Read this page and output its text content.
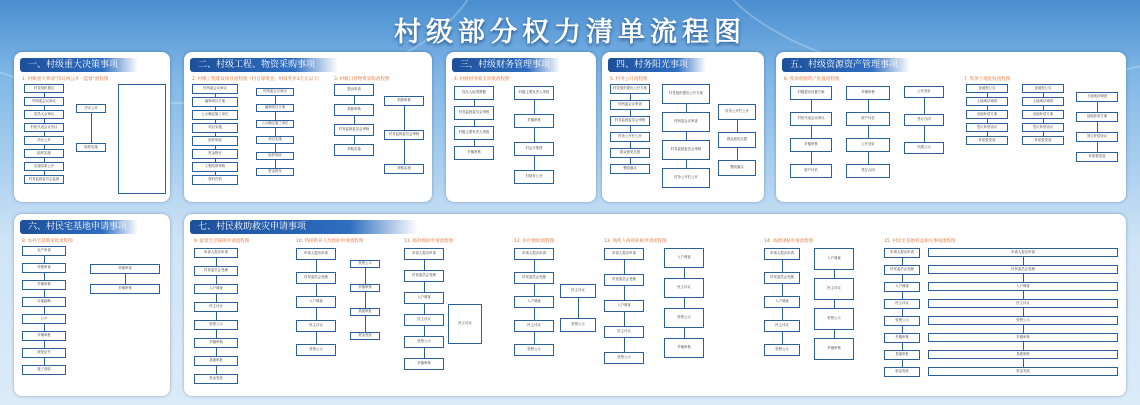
村级部分权力清单流程图
一、村级重大决策事项
1. 村级重大事项"四议两公开一监督"流程图
村党组织提议
村两委会议商议
党员大会审议
村民代表会议决议
决议公开
组织实施
实施结果公开
村务监督委员会监督
决议公开
组织实施
二、村级工程、物资采购事项
2. 村级工程建设项目流程图（村自筹资金、财政奖补3万元以下）	3. 村级日常物资采购流程图
村两委会议商议
编制项目方案
公示确定施工单位
项目实施
组织验收
资金拨付
工程结算审核
资料归档
村两委会议商议
编制项目方案
公示确定施工单位
项目实施
组织验收
资金拨付
提出申请
预算审核
村务监督委员会审核
采购实施
预算审核
村务监督委员会审核
采购实施
三、村级财务管理事项
4. 村级财务收支审批流程图
经办人取得票据
村务监督委员会审核
村级主要负责人审批
乡镇审核
村级主要负责人审批
乡镇审核
村会计报账
村财务公开
四、村务阳光事项
5. 村务公开流程图
村党组织提出公开方案
村两委会议审查
村务监督委员会审核
村务公开栏公开
群众意见反馈
整改落实
村党组织提出公开方案
村两委会议审查
村务监督委员会审核
村务公开栏公开
村务公开栏公开
群众意见反馈
整改落实
五、村级资源资产管理事项
6. 集体资源资产处置流程图	7. 集体土地征收流程图
村级提出处置方案
村民代表会议审议
乡镇审核
资产评估
乡镇审核
资产评估
公开竞价
签订合同
公开竞价
签订合同
结果公示
征地预公告
土地现状调查
征地补偿方案
签订补偿协议
补偿款发放
征地预公告
土地现状调查
征地补偿方案
签订补偿协议
补偿款发放
土地现状调查
征地补偿方案
签订补偿协议
补偿款发放
六、村民宅基地申请事项
8. 农村宅基地审批流程图
农户申请
村级审查
乡镇审核
实地踏勘
公示
乡镇审批
颁发证书
竣工验收
村级审查
乡镇审核
七、村民救助救灾申请事项
9. 最低生活保障申请流程图	10. 特困供养人员救助申请流程图	11. 临时救助申请流程图	12. 医疗救助流程图	13. 残疾人两项补贴申请流程图	14. 高龄津贴申请流程图	15. 村民宅基地权益相关事项流程图
申请人提出申请
村民委员会受理
入户调查
民主评议
张榜公示
乡镇审核
县级审批
资金发放
申请人提出申请
村民委员会受理
入户调查
民主评议
张榜公示
张榜公示
乡镇审核
县级审批
资金发放
申请人提出申请
村民委员会受理
入户调查
民主评议
张榜公示
乡镇审核
民主评议
申请人提出申请
村民委员会受理
入户调查
民主评议
张榜公示
民主评议
张榜公示
申请人提出申请
村民委员会受理
入户调查
民主评议
张榜公示
入户调查
民主评议
张榜公示
乡镇审核
申请人提出申请
村民委员会受理
入户调查
民主评议
张榜公示
入户调查
民主评议
张榜公示
乡镇审核
申请人提出申请
村民委员会受理
入户调查
民主评议
张榜公示
乡镇审核
县级审批
资金发放
申请人提出申请
村民委员会受理
入户调查
民主评议
张榜公示
乡镇审核
县级审批
资金发放
